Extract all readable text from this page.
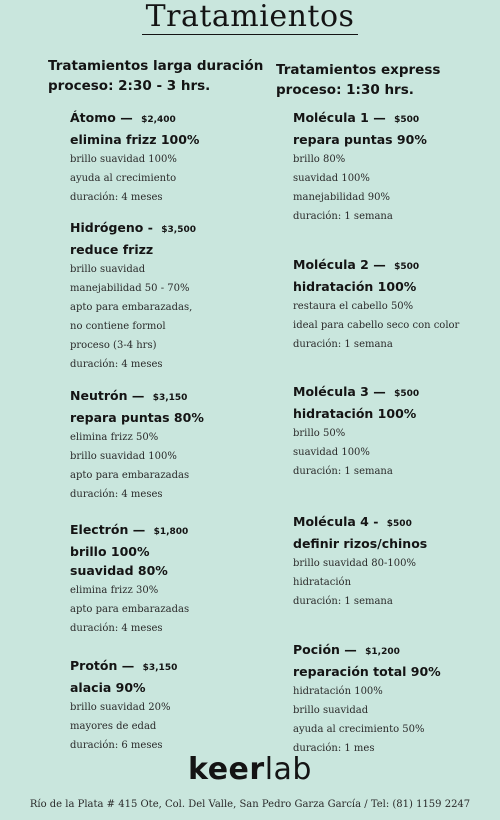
Tratamientos
Tratamientos larga duración
proceso: 2:30 - 3 hrs.
Tratamientos express
proceso: 1:30 hrs.
Átomo — $2,400
elimina frizz 100%
brillo suavidad 100%
ayuda al crecimiento
duración: 4 meses
Hidrógeno - $3,500
reduce frizz
brillo suavidad
manejabilidad 50 - 70%
apto para embarazadas,
no contiene formol
proceso (3-4 hrs)
duración: 4 meses
Neutrón — $3,150
repara puntas 80%
elimina frizz 50%
brillo suavidad 100%
apto para embarazadas
duración: 4 meses
Electrón — $1,800
brillo 100%
suavidad 80%
elimina frizz 30%
apto para embarazadas
duración: 4 meses
Protón — $3,150
alacia 90%
brillo suavidad 20%
mayores de edad
duración: 6 meses
Molécula 1 — $500
repara puntas 90%
brillo 80%
suavidad 100%
manejabilidad 90%
duración: 1 semana
Molécula 2 — $500
hidratación 100%
restaura el cabello 50%
ideal para cabello seco con color
duración: 1 semana
Molécula 3 — $500
hidratación 100%
brillo 50%
suavidad 100%
duración: 1 semana
Molécula 4 - $500
definir rizos/chinos
brillo suavidad 80-100%
hidratación
duración: 1 semana
Poción — $1,200
reparación total 90%
hidratación 100%
brillo suavidad
ayuda al crecimiento 50%
duración: 1 mes
keerlab
Río de la Plata # 415 Ote, Col. Del Valle, San Pedro Garza García / Tel: (81) 1159 2247
